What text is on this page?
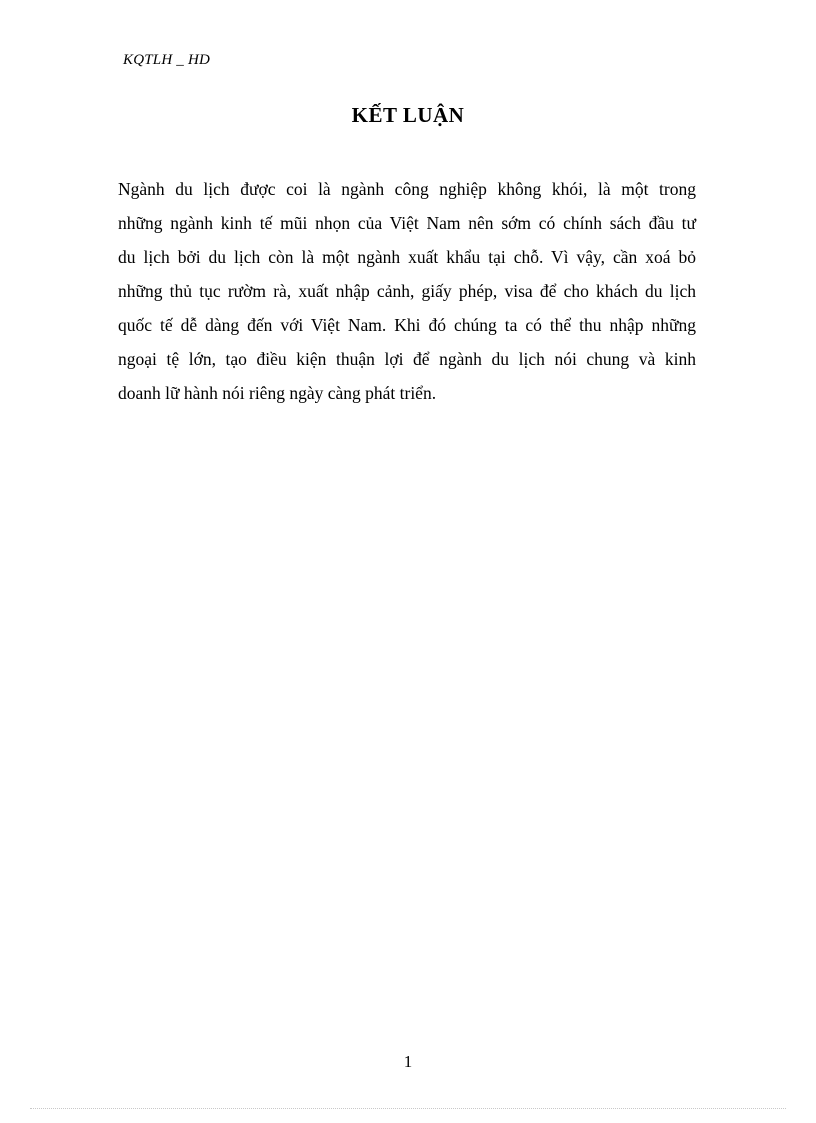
KQTLH _ HD
KẾT LUẬN
Ngành du lịch được coi là ngành công nghiệp không khói, là một trong
những ngành kinh tế mũi nhọn của Việt Nam nên sớm có chính sách đầu tư
du lịch bởi du lịch còn là một ngành xuất khẩu tại chỗ. Vì vậy, cần xoá bỏ
những thủ tục rườm rà, xuất nhập cảnh, giấy phép, visa để cho khách du lịch
quốc tế dễ dàng đến với Việt Nam. Khi đó chúng ta có thể thu nhập những
ngoại tệ lớn, tạo điều kiện thuận lợi để ngành du lịch nói chung và kinh
doanh lữ hành nói riêng ngày càng phát triển.
1
